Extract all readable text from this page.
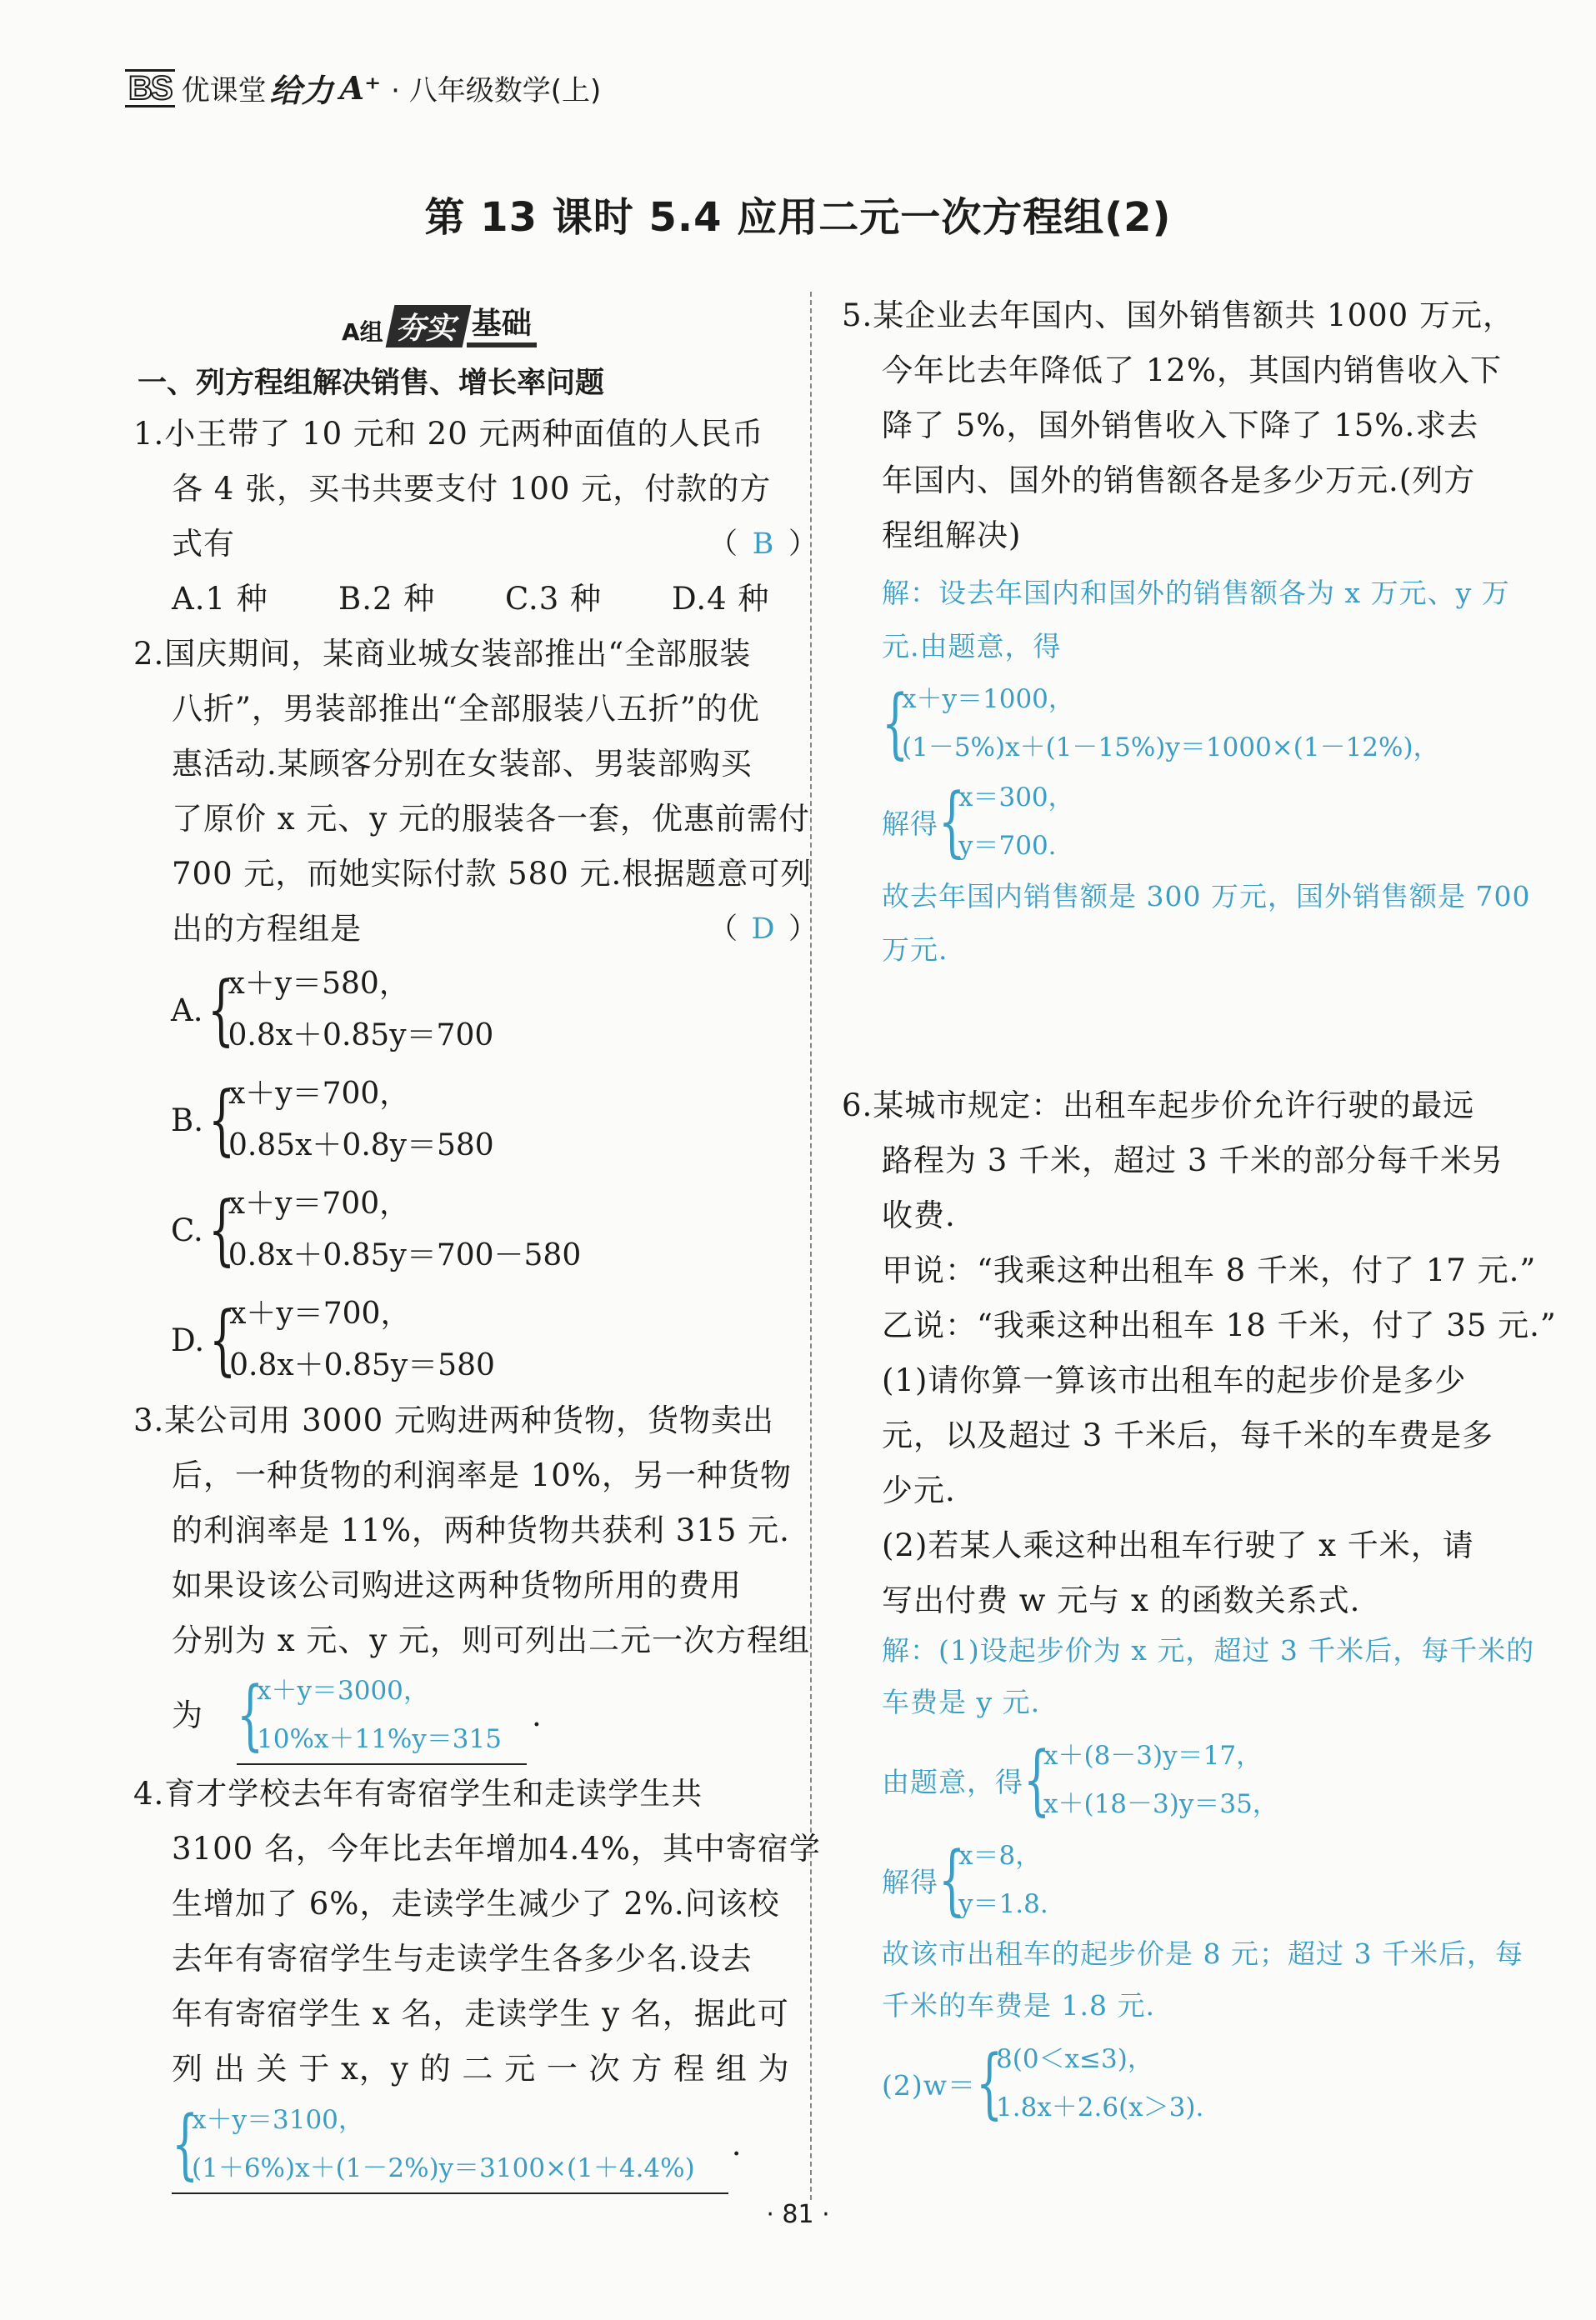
BS 优课堂 给力 A⁺ · 八年级数学(上)
第 13 课时 5.4 应用二元一次方程组(2)
A组 夯实 基础
一、列方程组解决销售、增长率问题
1.小王带了 10 元和 20 元两种面值的人民币
各 4 张，买书共要支付 100 元，付款的方
式有	（ B ）
A.1 种	B.2 种	C.3 种	D.4 种
2.国庆期间，某商业城女装部推出“全部服装
八折”，男装部推出“全部服装八五折”的优
惠活动.某顾客分别在女装部、男装部购买
了原价 x 元、y 元的服装各一套，优惠前需付
700 元，而她实际付款 580 元.根据题意可列
出的方程组是	（ D ）
A. {
x＋y＝580，
0.8x＋0.85y＝700
B. {
x＋y＝700，
0.85x＋0.8y＝580
C. {
x＋y＝700，
0.8x＋0.85y＝700－580
D. {
x＋y＝700，
0.8x＋0.85y＝580
3.某公司用 3000 元购进两种货物，货物卖出
后，一种货物的利润率是 10%，另一种货物
的利润率是 11%，两种货物共获利 315 元.
如果设该公司购进这两种货物所用的费用
分别为 x 元、y 元，则可列出二元一次方程组
为 {
x＋y＝3000，
10%x＋11%y＝315
.
4.育才学校去年有寄宿学生和走读学生共
3100 名，今年比去年增加4.4%，其中寄宿学
生增加了 6%，走读学生减少了 2%.问该校
去年有寄宿学生与走读学生各多少名.设去
年有寄宿学生 x 名，走读学生 y 名，据此可
列 出 关 于 x，y 的 二 元 一 次 方 程 组 为
{
x＋y＝3100，
(1＋6%)x＋(1－2%)y＝3100×(1＋4.4%)
.
5.某企业去年国内、国外销售额共 1000 万元，
今年比去年降低了 12%，其国内销售收入下
降了 5%，国外销售收入下降了 15%.求去
年国内、国外的销售额各是多少万元.(列方
程组解决)
解：设去年国内和国外的销售额各为 x 万元、y 万
元.由题意，得
{
x＋y＝1000，
(1－5%)x＋(1－15%)y＝1000×(1－12%)，
解得 {
x＝300，
y＝700.
故去年国内销售额是 300 万元，国外销售额是 700
万元.
6.某城市规定：出租车起步价允许行驶的最远
路程为 3 千米，超过 3 千米的部分每千米另
收费.
甲说：“我乘这种出租车 8 千米，付了 17 元.”
乙说：“我乘这种出租车 18 千米，付了 35 元.”
(1)请你算一算该市出租车的起步价是多少
元，以及超过 3 千米后，每千米的车费是多
少元.
(2)若某人乘这种出租车行驶了 x 千米，请
写出付费 w 元与 x 的函数关系式.
解：(1)设起步价为 x 元，超过 3 千米后，每千米的
车费是 y 元.
由题意，得 {
x＋(8－3)y＝17，
x＋(18－3)y＝35，
解得 {
x＝8，
y＝1.8.
故该市出租车的起步价是 8 元；超过 3 千米后，每
千米的车费是 1.8 元.
(2)w＝ {
8(0＜x≤3)，
1.8x＋2.6(x＞3).
· 81 ·
